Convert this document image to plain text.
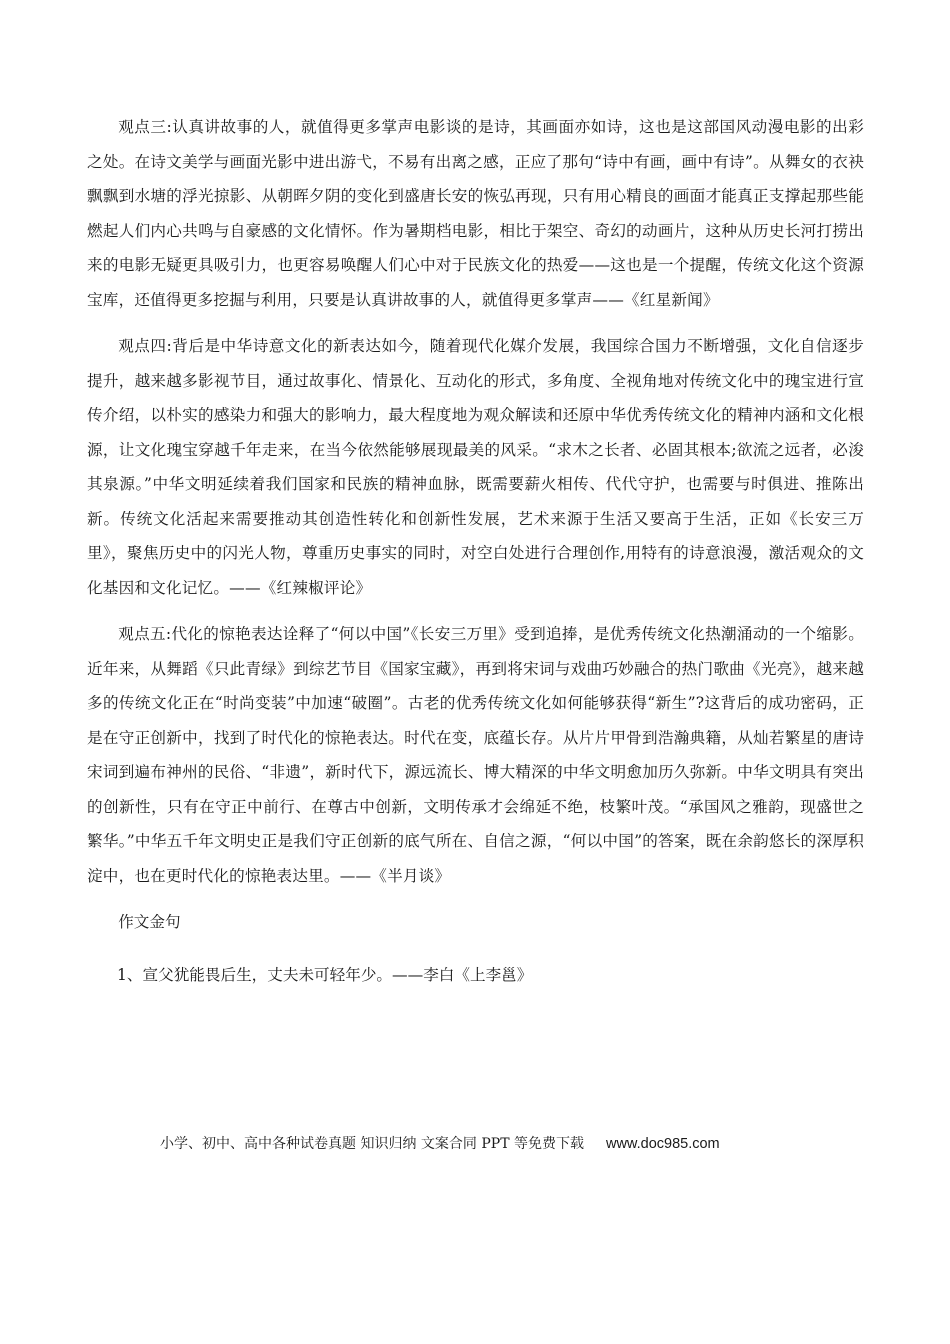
观点三:认真讲故事的人，就值得更多掌声电影谈的是诗，其画面亦如诗，这也是这部国风动漫电影的出彩之处。在诗文美学与画面光影中进出游弋，不易有出离之感，正应了那句“诗中有画，画中有诗”。从舞女的衣袂飘飘到水塘的浮光掠影、从朝晖夕阴的变化到盛唐长安的恢弘再现，只有用心精良的画面才能真正支撑起那些能燃起人们内心共鸣与自豪感的文化情怀。作为暑期档电影，相比于架空、奇幻的动画片，这种从历史长河打捞出来的电影无疑更具吸引力，也更容易唤醒人们心中对于民族文化的热爱——这也是一个提醒，传统文化这个资源宝库，还值得更多挖掘与利用，只要是认真讲故事的人，就值得更多掌声——《红星新闻》

观点四:背后是中华诗意文化的新表达如今，随着现代化媒介发展，我国综合国力不断增强，文化自信逐步提升，越来越多影视节目，通过故事化、情景化、互动化的形式，多角度、全视角地对传统文化中的瑰宝进行宣传介绍，以朴实的感染力和强大的影响力，最大程度地为观众解读和还原中华优秀传统文化的精神内涵和文化根源，让文化瑰宝穿越千年走来，在当今依然能够展现最美的风采。“求木之长者、必固其根本;欲流之远者，必浚其泉源。”中华文明延续着我们国家和民族的精神血脉，既需要薪火相传、代代守护，也需要与时俱进、推陈出新。传统文化活起来需要推动其创造性转化和创新性发展，艺术来源于生活又要高于生活，正如《长安三万里》，聚焦历史中的闪光人物，尊重历史事实的同时，对空白处进行合理创作,用特有的诗意浪漫，激活观众的文化基因和文化记忆。——《红辣椒评论》

观点五:代化的惊艳表达诠释了“何以中国”《长安三万里》受到追捧，是优秀传统文化热潮涌动的一个缩影。近年来，从舞蹈《只此青绿》到综艺节目《国家宝藏》，再到将宋词与戏曲巧妙融合的热门歌曲《光亮》，越来越多的传统文化正在“时尚变装”中加速“破圈”。古老的优秀传统文化如何能够获得“新生”?这背后的成功密码，正是在守正创新中，找到了时代化的惊艳表达。时代在变，底蕴长存。从片片甲骨到浩瀚典籍，从灿若繁星的唐诗宋词到遍布神州的民俗、“非遗”，新时代下，源远流长、博大精深的中华文明愈加历久弥新。中华文明具有突出的创新性，只有在守正中前行、在尊古中创新，文明传承才会绵延不绝，枝繁叶茂。“承国风之雅韵，现盛世之繁华。”中华五千年文明史正是我们守正创新的底气所在、自信之源，“何以中国”的答案，既在余韵悠长的深厚积淀中，也在更时代化的惊艳表达里。——《半月谈》

作文金句

1、宣父犹能畏后生，丈夫未可轻年少。——李白《上李邕》

小学、初中、高中各种试卷真题 知识归纳 文案合同 PPT 等免费下载 www.doc985.com
